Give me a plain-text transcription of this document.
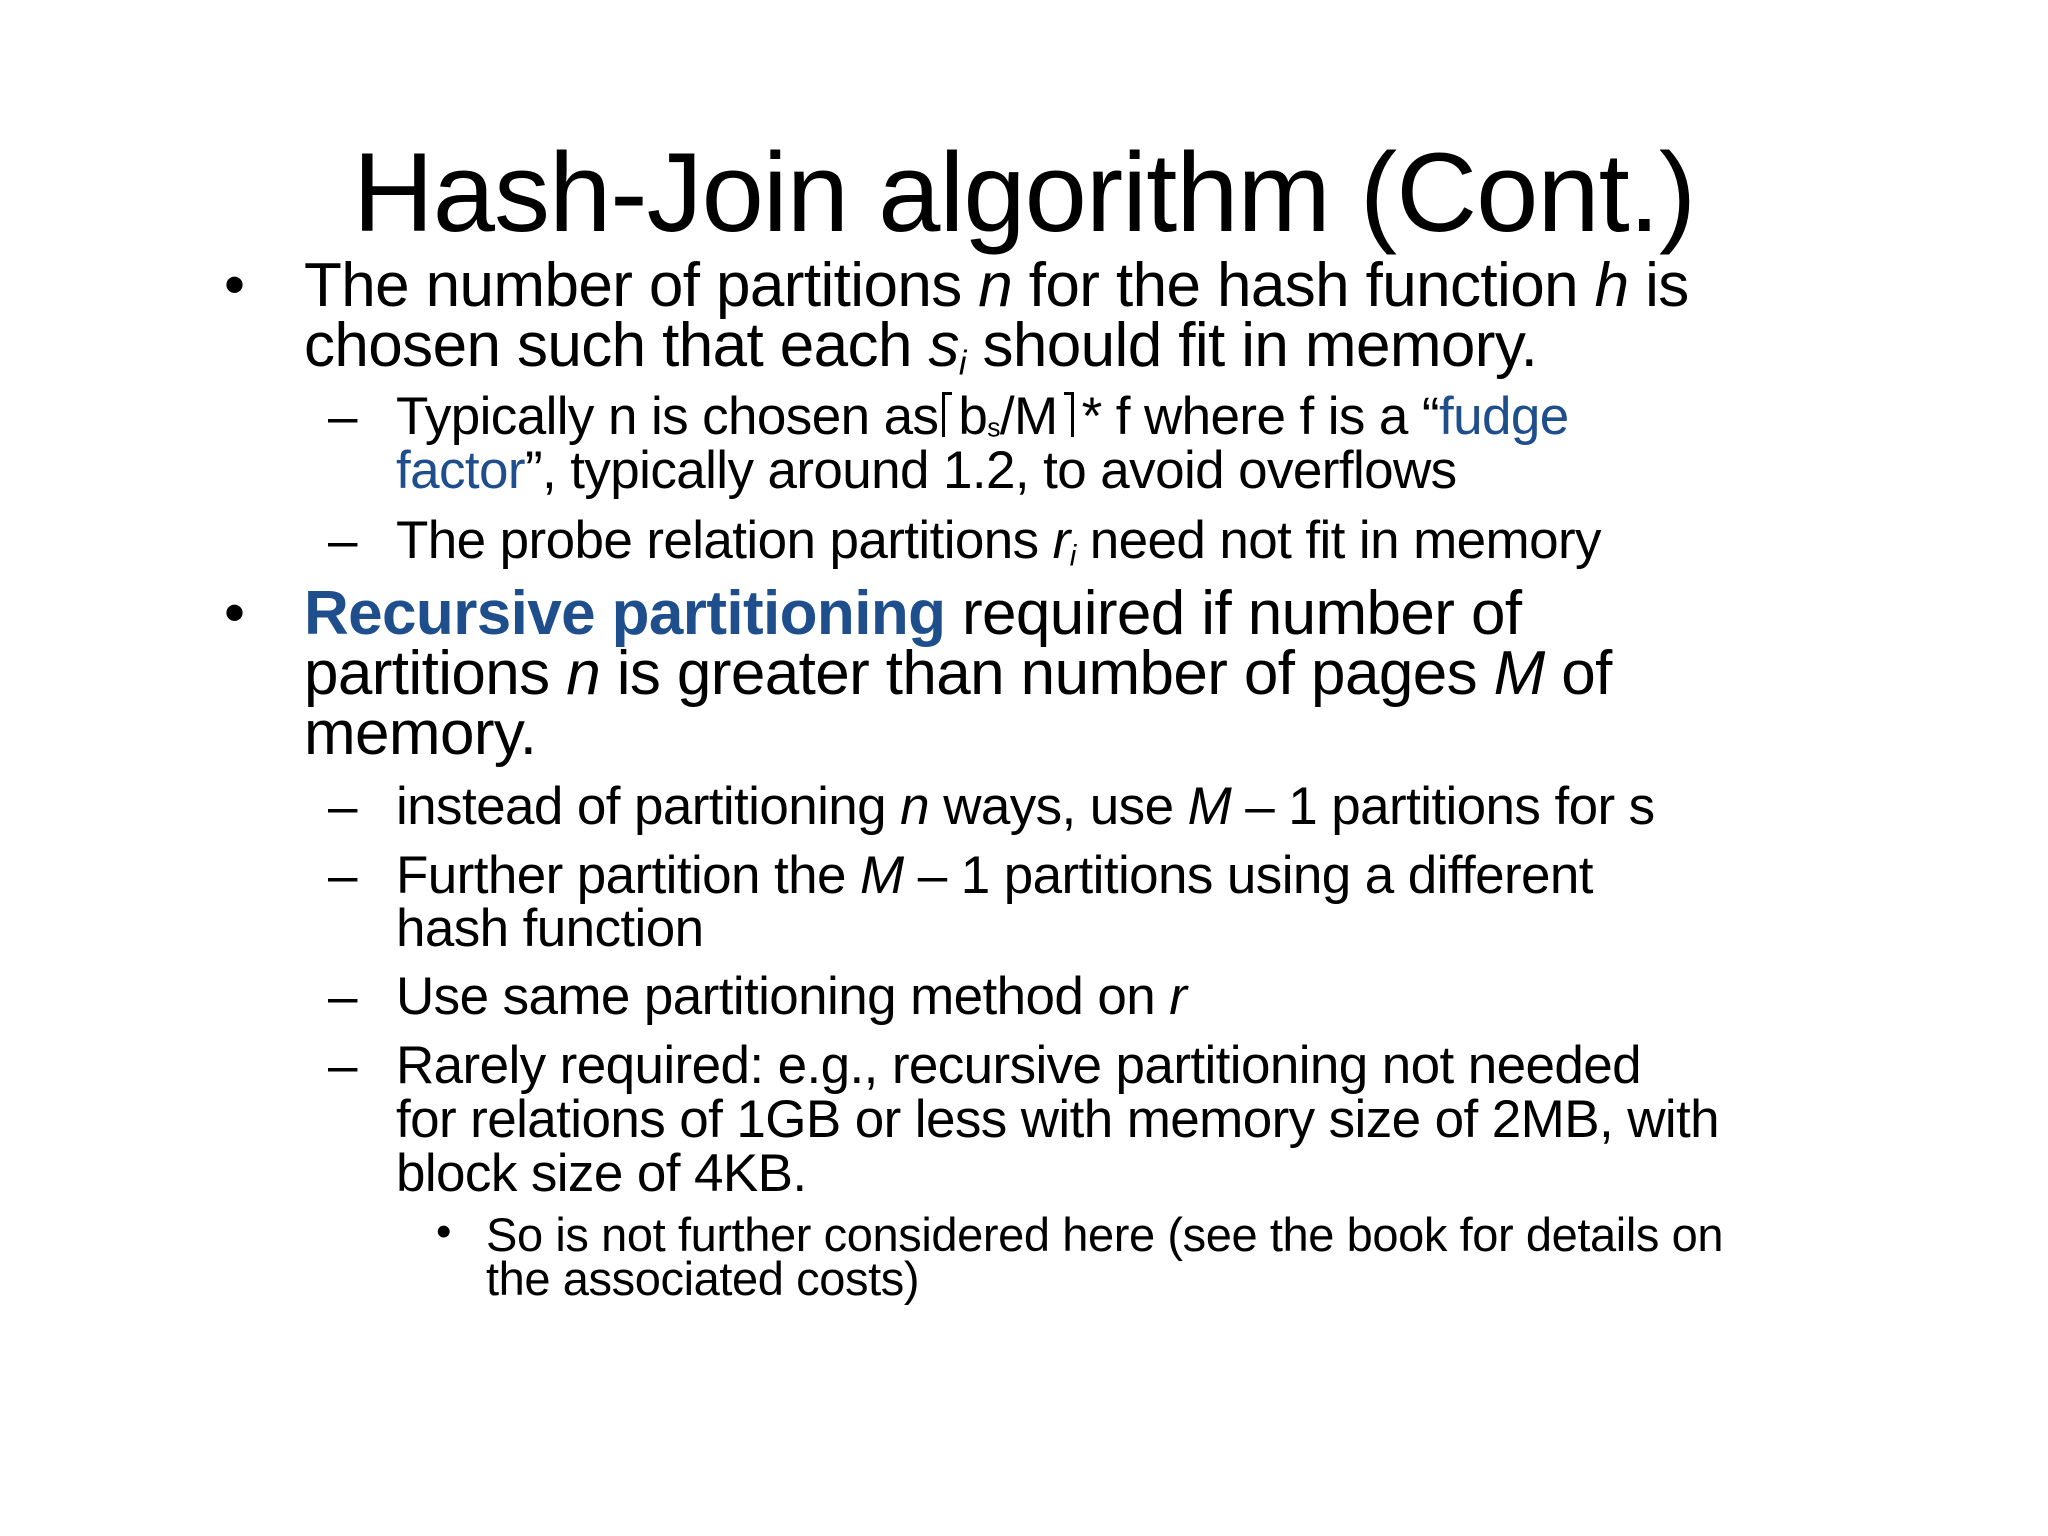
Hash-Join algorithm (Cont.)
• The number of partitions n for the hash function h is
chosen such that each $s_i$ should fit in memory.
– Typically n is chosen as bs/M * f where f is a “fudge
factor”, typically around 1.2, to avoid overflows
– The probe relation partitions $r_i$ need not fit in memory
• Recursive partitioning required if number of
partitions n is greater than number of pages M of
memory.
– instead of partitioning n ways, use M – 1 partitions for s
– Further partition the M – 1 partitions using a different
hash function
– Use same partitioning method on r
– Rarely required: e.g., recursive partitioning not needed
for relations of 1GB or less with memory size of 2MB, with
block size of 4KB.
• So is not further considered here (see the book for details on
the associated costs)
